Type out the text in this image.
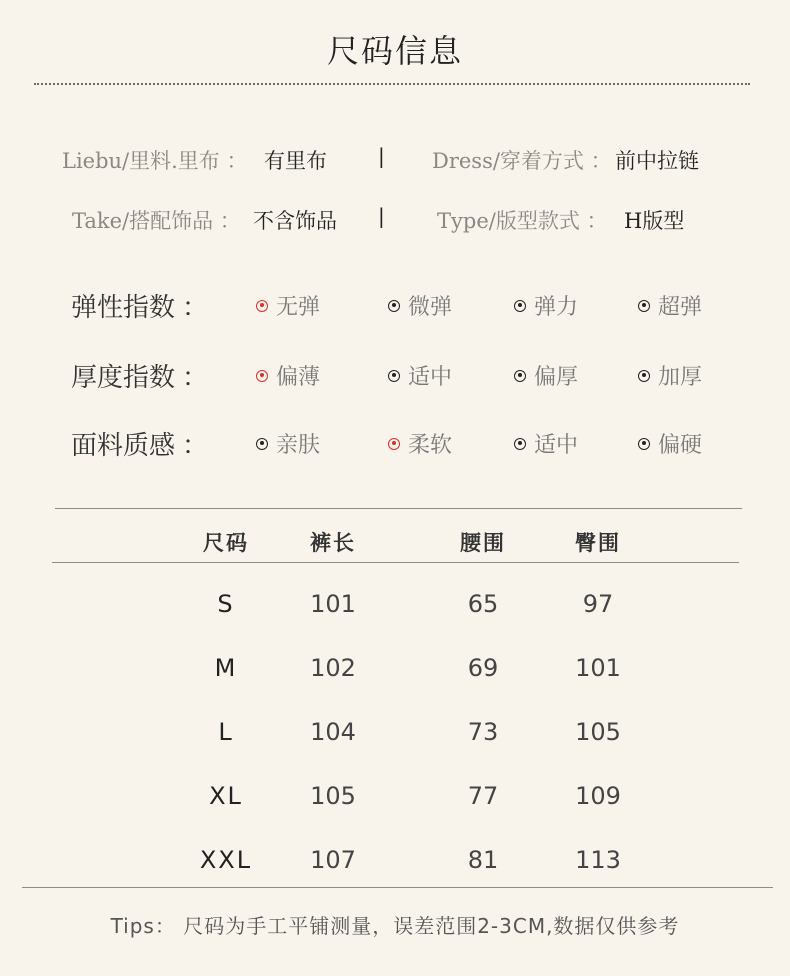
尺码信息
Liebu/里料.里布 ： 有里布	| Dress/穿着方式 ： 前中拉链
Take/搭配饰品 ： 不含饰品 | Type/版型款式 ： H版型
弹性指数 ：	无弹	微弹	弹力	超弹
厚度指数 ：	偏薄	适中	偏厚	加厚
面料质感 ：	亲肤	柔软	适中	偏硬
尺码	裤长	腰围	臀围
S	101	65	97
M	102	69	101
L	104	73	105
XL	105	77	109
XXL	107	81	113
Tips： 尺码为手工平铺测量，误差范围2-3CM,数据仅供参考
